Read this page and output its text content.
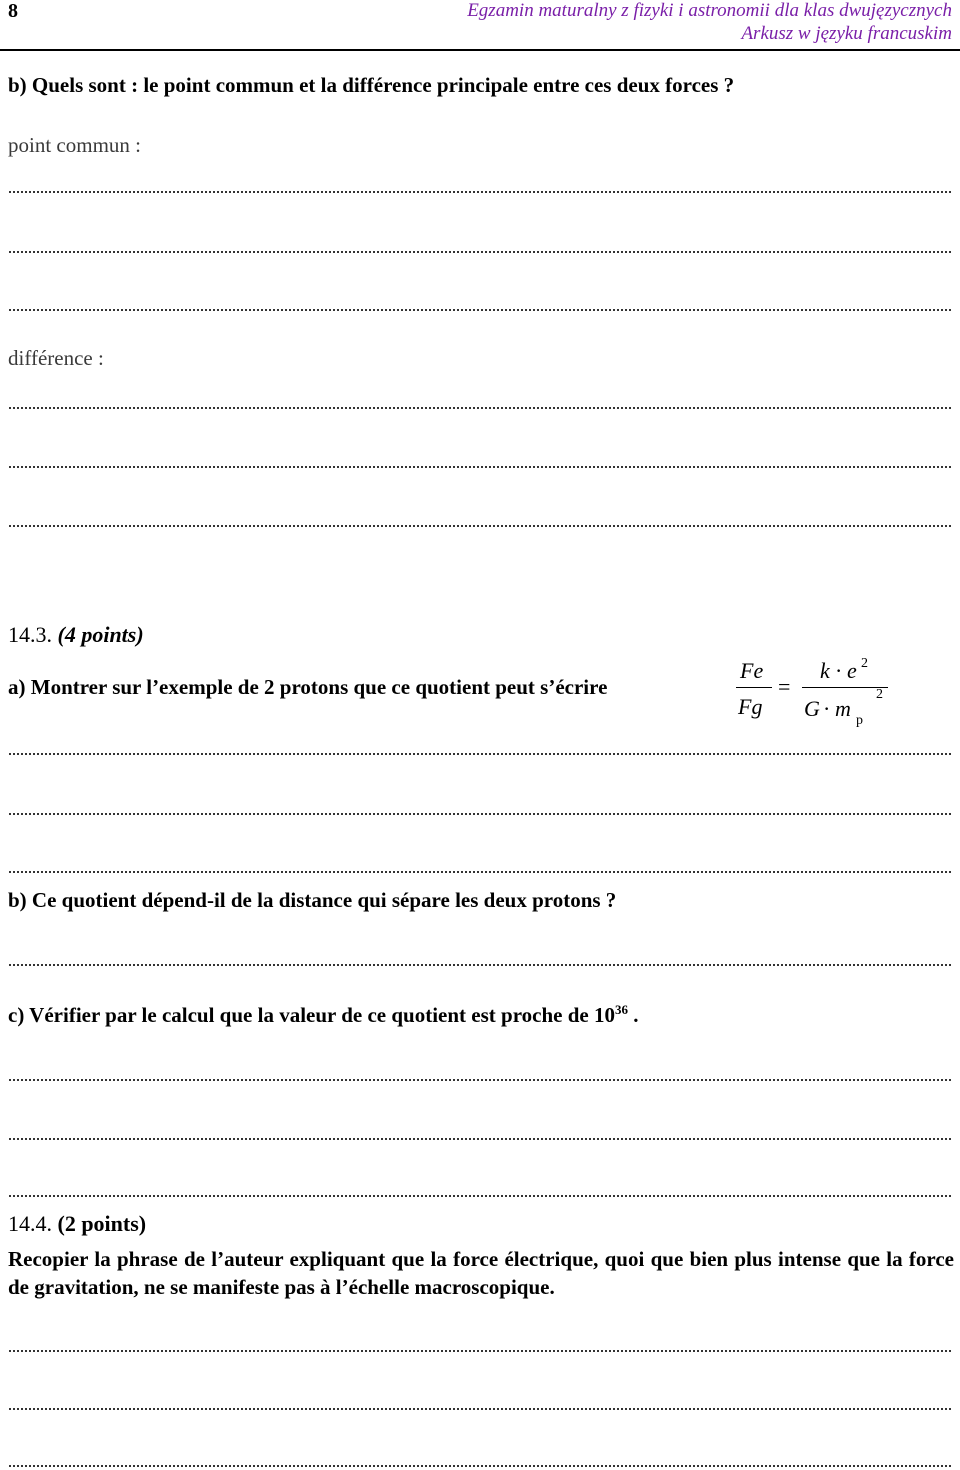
8	Egzamin maturalny z fizyki i astronomii dla klas dwujęzycznych
Arkusz w języku francuskim
b) Quels sont : le point commun et la différence principale entre ces deux forces ?
point commun :
différence :
14.3. (4 points)
a) Montrer sur l’exemple de 2 protons que ce quotient peut s’écrire
Fe
Fg
=
k · e 2
G · m p
2
b) Ce quotient dépend-il de la distance qui sépare les deux protons ?
c) Vérifier par le calcul que la valeur de ce quotient est proche de $10^{36}$ .
14.4. (2 points)
Recopier la phrase de l’auteur expliquant que la force électrique, quoi que bien plus intense que la force de gravitation, ne se manifeste pas à l’échelle macroscopique.
